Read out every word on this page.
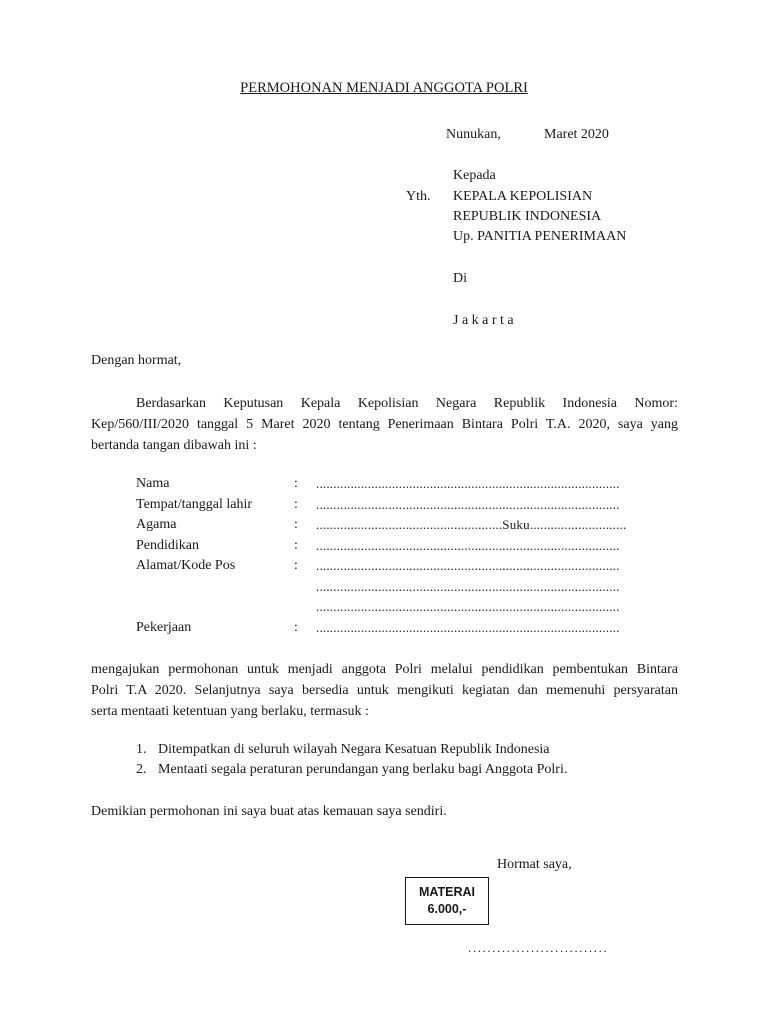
PERMOHONAN MENJADI ANGGOTA POLRI
Nunukan,	Maret 2020
Kepada
Yth. KEPALA KEPOLISIAN
REPUBLIK INDONESIA
Up. PANITIA PENERIMAAN
Di
J a k a r t a
Dengan hormat,
Berdasarkan Keputusan Kepala Kepolisian Negara Republik Indonesia Nomor:
Kep/560/III/2020 tanggal 5 Maret 2020 tentang Penerimaan Bintara Polri T.A. 2020, saya yang
bertanda tangan dibawah ini :
Nama	: ........................................................................................
Tempat/tanggal lahir	: ........................................................................................
Agama	: ......................................................Suku............................
Pendidikan	: ........................................................................................
Alamat/Kode Pos	: ........................................................................................
........................................................................................
........................................................................................
Pekerjaan	: ........................................................................................
mengajukan permohonan untuk menjadi anggota Polri melalui pendidikan pembentukan Bintara
Polri T.A 2020. Selanjutnya saya bersedia untuk mengikuti kegiatan dan memenuhi persyaratan
serta mentaati ketentuan yang berlaku, termasuk :
1. Ditempatkan di seluruh wilayah Negara Kesatuan Republik Indonesia
2. Mentaati segala peraturan perundangan yang berlaku bagi Anggota Polri.
Demikian permohonan ini saya buat atas kemauan saya sendiri.
Hormat saya,
MATERAI
6.000,-
.............................
